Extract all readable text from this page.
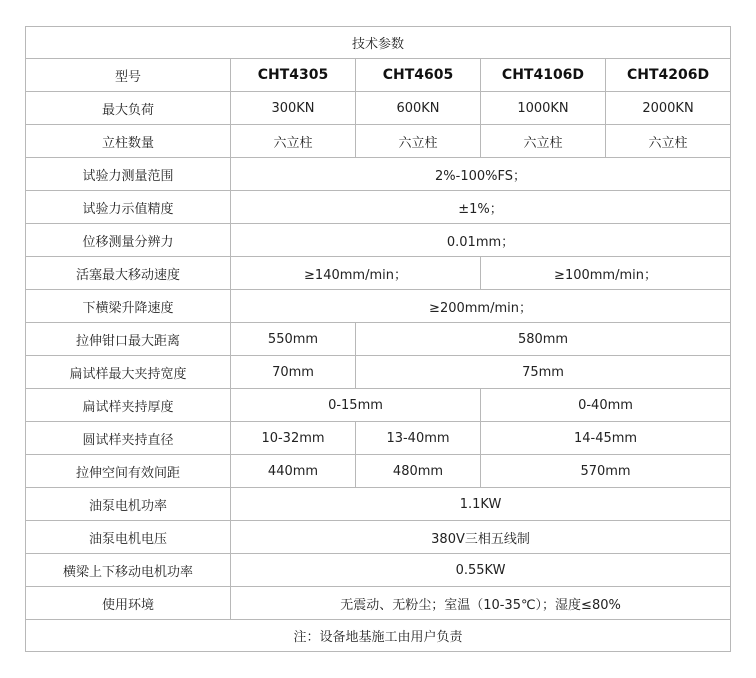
技术参数				
型号	CHT4305	CHT4605	CHT4106D	CHT4206D
最大负荷	300KN	600KN	1000KN	2000KN
立柱数量	六立柱	六立柱	六立柱	六立柱
试验力测量范围	2%-100%FS；			
试验力示值精度	±1%；			
位移测量分辨力	0.01mm；			
活塞最大移动速度	≥140mm/min；		≥100mm/min；	
下横梁升降速度	≥200mm/min；			
拉伸钳口最大距离	550mm	580mm		
扁试样最大夹持宽度	70mm	75mm		
扁试样夹持厚度	0-15mm		0-40mm	
圆试样夹持直径	10-32mm	13-40mm	14-45mm	
拉伸空间有效间距	440mm	480mm	570mm	
油泵电机功率	1.1KW			
油泵电机电压	380V三相五线制			
横梁上下移动电机功率	0.55KW			
使用环境	无震动、无粉尘；室温（10-35℃）；湿度≤80%			
注：设备地基施工由用户负责				
